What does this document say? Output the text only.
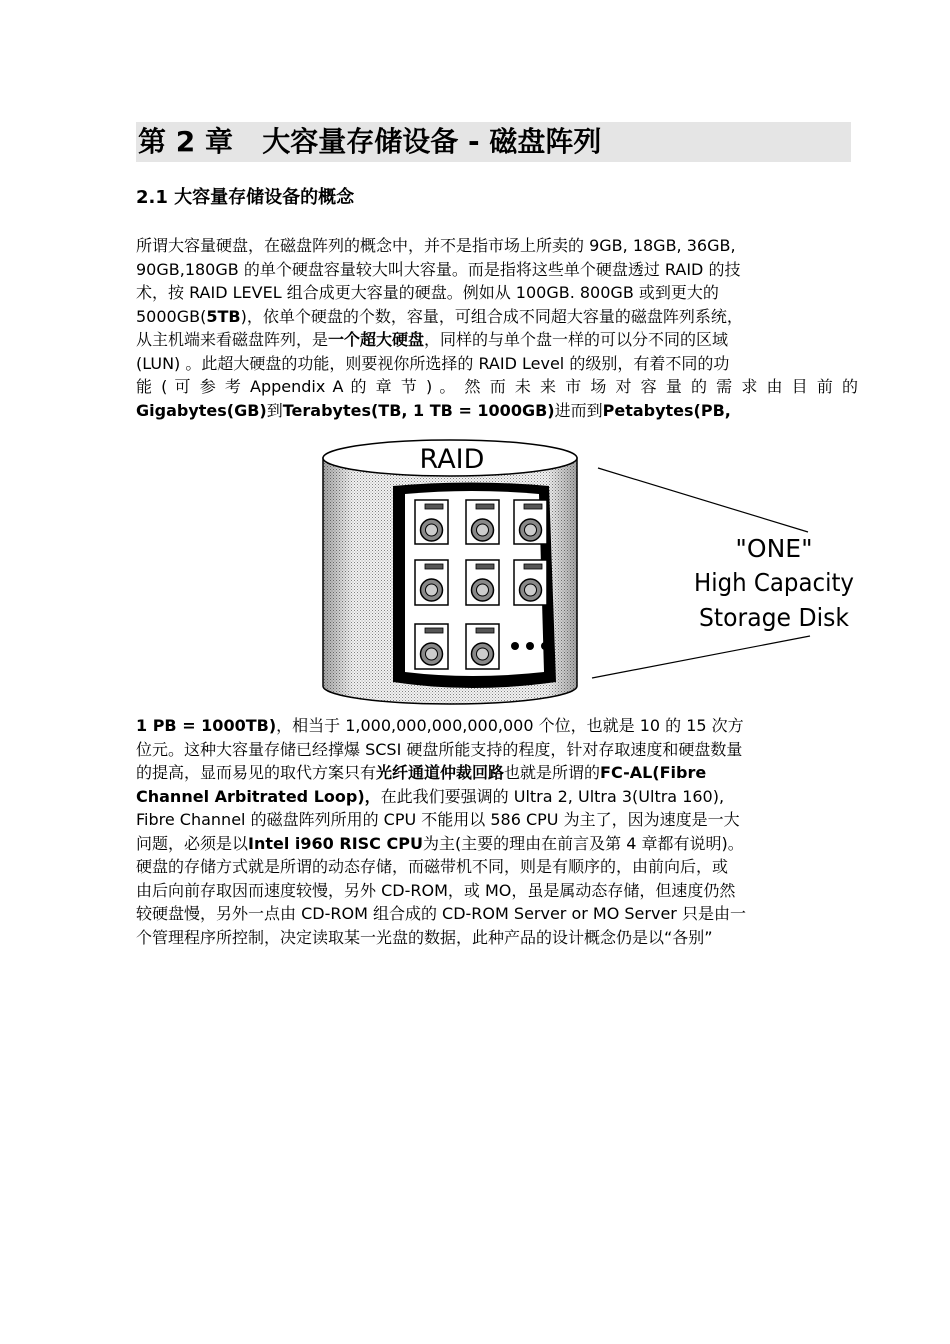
第 2 章 大容量存储设备 - 磁盘阵列
2.1 大容量存储设备的概念
所谓大容量硬盘，在磁盘阵列的概念中，并不是指市场上所卖的 9GB, 18GB, 36GB,
90GB,180GB 的单个硬盘容量较大叫大容量。而是指将这些单个硬盘透过 RAID 的技
术，按 RAID LEVEL 组合成更大容量的硬盘。例如从 100GB. 800GB 或到更大的
5000GB(5TB)，依单个硬盘的个数，容量，可组合成不同超大容量的磁盘阵列系统，
从主机端来看磁盘阵列，是一个超大硬盘，同样的与单个盘一样的可以分不同的区域
(LUN) 。此超大硬盘的功能，则要视你所选择的 RAID Level 的级别，有着不同的功
能 ( 可 参 考 Appendix A 的 章 节 ) 。 然 而 未 来 市 场 对 容 量 的 需 求 由 目 前 的
Gigabytes(GB)到Terabytes(TB, 1 TB = 1000GB)进而到Petabytes(PB,
RAID
"ONE"
High Capacity
Storage Disk
1 PB = 1000TB)，相当于 1,000,000,000,000,000 个位，也就是 10 的 15 次方
位元。这种大容量存储已经撑爆 SCSI 硬盘所能支持的程度，针对存取速度和硬盘数量
的提高，显而易见的取代方案只有光纤通道仲裁回路也就是所谓的FC-AL(Fibre
Channel Arbitrated Loop)，在此我们要强调的 Ultra 2, Ultra 3(Ultra 160),
Fibre Channel 的磁盘阵列所用的 CPU 不能用以 586 CPU 为主了，因为速度是一大
问题，必须是以Intel i960 RISC CPU为主(主要的理由在前言及第 4 章都有说明)。
硬盘的存储方式就是所谓的动态存储，而磁带机不同，则是有顺序的，由前向后，或
由后向前存取因而速度较慢，另外 CD-ROM，或 MO，虽是属动态存储，但速度仍然
较硬盘慢，另外一点由 CD-ROM 组合成的 CD-ROM Server or MO Server 只是由一
个管理程序所控制，决定读取某一光盘的数据，此种产品的设计概念仍是以“各别”
